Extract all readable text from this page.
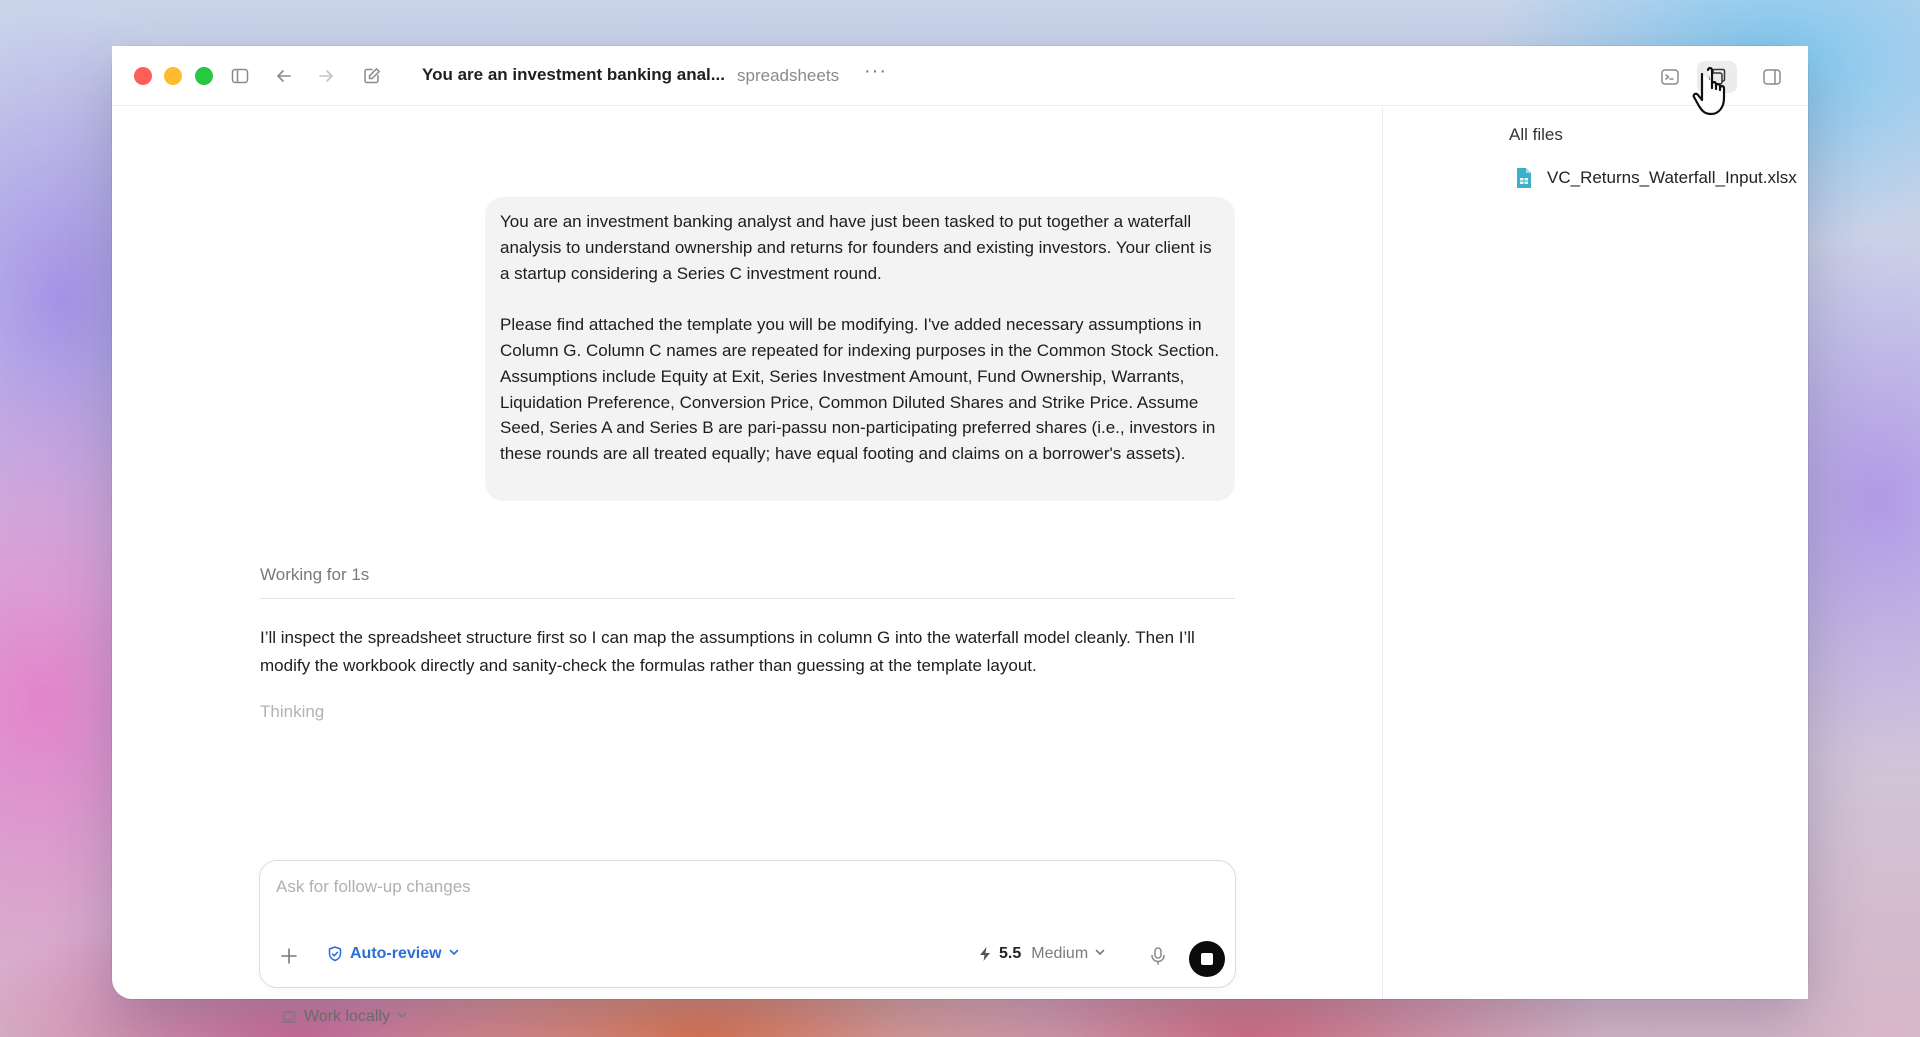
You are an investment banking anal... spreadsheets ···

You are an investment banking analyst and have just been tasked to put together a waterfall analysis to understand ownership and returns for founders and existing investors. Your client is a startup considering a Series C investment round.

Please find attached the template you will be modifying. I've added necessary assumptions in Column G. Column C names are repeated for indexing purposes in the Common Stock Section. Assumptions include Equity at Exit, Series Investment Amount, Fund Ownership, Warrants, Liquidation Preference, Conversion Price, Common Diluted Shares and Strike Price. Assume Seed, Series A and Series B are pari-passu non-participating preferred shares (i.e., investors in these rounds are all treated equally; have equal footing and claims on a borrower's assets).

Working for 1s
I’ll inspect the spreadsheet structure first so I can map the assumptions in column G into the waterfall model cleanly. Then I’ll modify the workbook directly and sanity-check the formulas rather than guessing at the template layout.
Thinking
Ask for follow-up changes
Auto-review	5.5 Medium
Work locally
All files
VC_Returns_Waterfall_Input.xlsx
